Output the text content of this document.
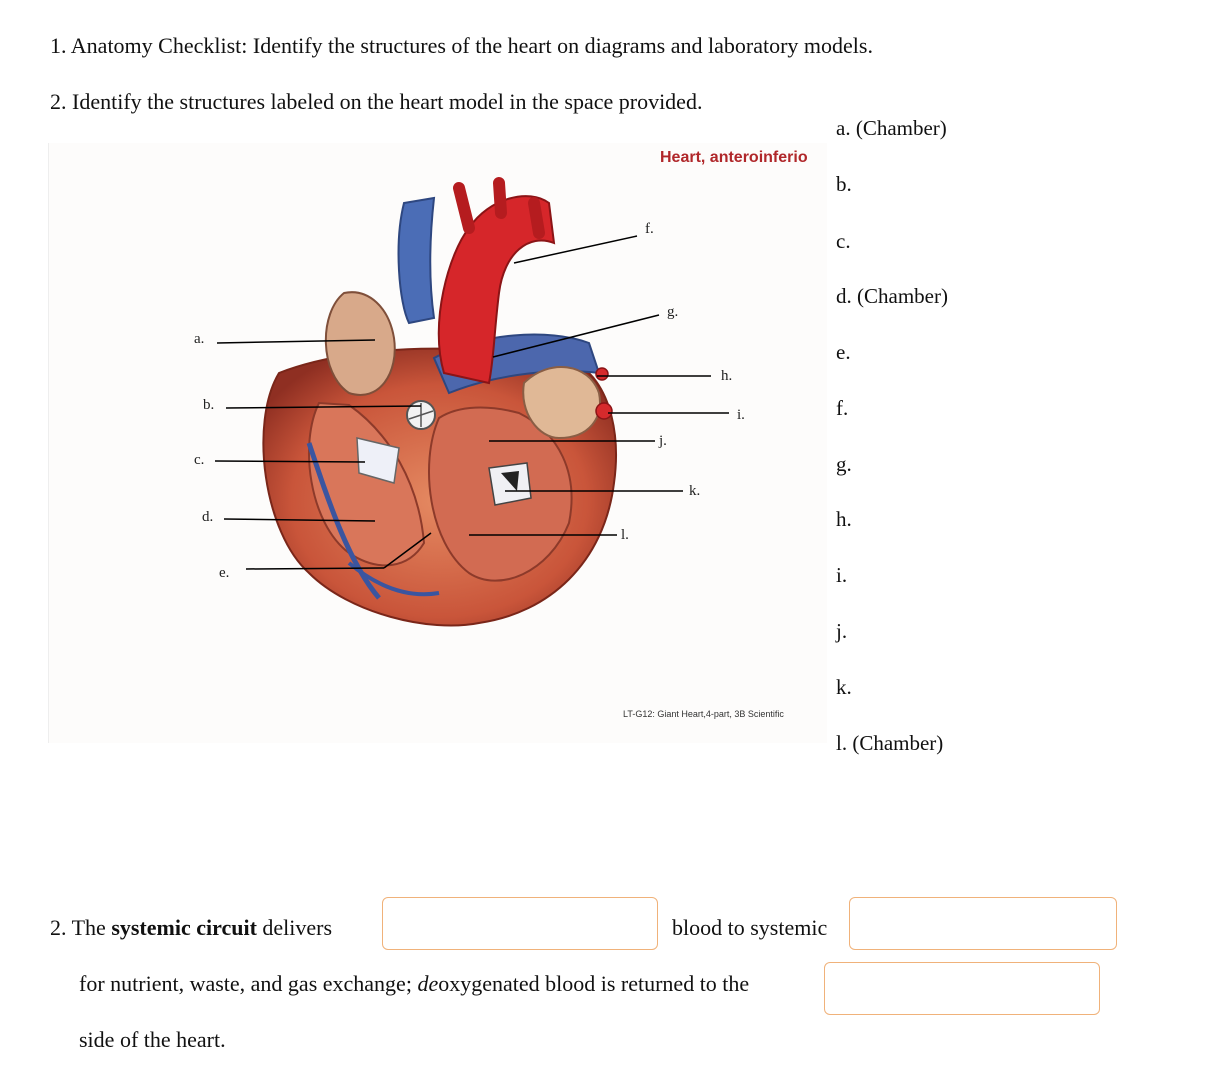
1. Anatomy Checklist: Identify the structures of the heart on diagrams and laboratory models.
2. Identify the structures labeled on the heart model in the space provided.
Heart, anteroinferio
a.
b.
c.
d.
e.
f.
g.
h.
i.
j.
k.
l.
LT-G12: Giant Heart,4-part, 3B Scientific
a. (Chamber)
b.
c.
d. (Chamber)
e.
f.
g.
h.
i.
j.
k.
l. (Chamber)
2. The systemic circuit delivers	blood to systemic
for nutrient, waste, and gas exchange; deoxygenated blood is returned to the
side of the heart.
